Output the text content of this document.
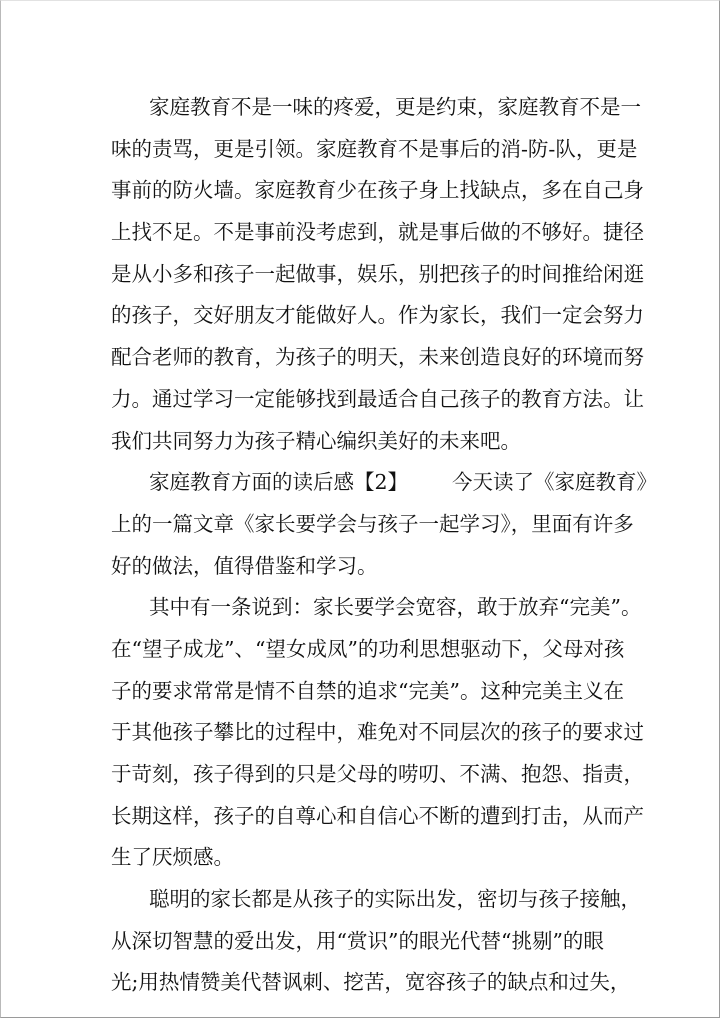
家庭教育不是一味的疼爱，更是约束，家庭教育不是一
味的责骂，更是引领。家庭教育不是事后的消-防-队，更是
事前的防火墙。家庭教育少在孩子身上找缺点，多在自己身
上找不足。不是事前没考虑到，就是事后做的不够好。捷径
是从小多和孩子一起做事，娱乐，别把孩子的时间推给闲逛
的孩子，交好朋友才能做好人。作为家长，我们一定会努力
配合老师的教育，为孩子的明天，未来创造良好的环境而努
力。通过学习一定能够找到最适合自己孩子的教育方法。让
我们共同努力为孩子精心编织美好的未来吧。
家庭教育方面的读后感【2】 今天读了《家庭教育》
上的一篇文章《家长要学会与孩子一起学习》，里面有许多
好的做法，值得借鉴和学习。
其中有一条说到：家长要学会宽容，敢于放弃“完美”。
在“望子成龙”、“望女成凤”的功利思想驱动下，父母对孩
子的要求常常是情不自禁的追求“完美”。这种完美主义在
于其他孩子攀比的过程中，难免对不同层次的孩子的要求过
于苛刻，孩子得到的只是父母的唠叨、不满、抱怨、指责，
长期这样，孩子的自尊心和自信心不断的遭到打击，从而产
生了厌烦感。
聪明的家长都是从孩子的实际出发，密切与孩子接触，
从深切智慧的爱出发，用“赏识”的眼光代替“挑剔”的眼
光;用热情赞美代替讽刺、挖苦，宽容孩子的缺点和过失，
